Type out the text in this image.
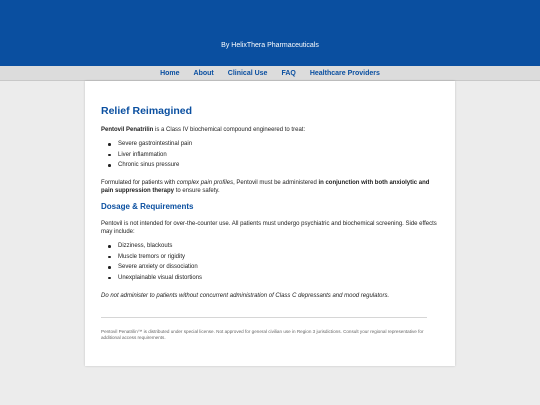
By HelixThera Pharmaceuticals
Home About Clinical Use FAQ Healthcare Providers
Relief Reimagined

Pentovil Penatrilin is a Class IV biochemical compound engineered to treat:

Severe gastrointestinal pain
Liver inflammation
Chronic sinus pressure

Formulated for patients with complex pain profiles, Pentovil must be administered in conjunction with both anxiolytic and pain suppression therapy to ensure safety.

Dosage & Requirements

Pentovil is not intended for over-the-counter use. All patients must undergo psychiatric and biochemical screening. Side effects may include:

Dizziness, blackouts
Muscle tremors or rigidity
Severe anxiety or dissociation
Unexplainable visual distortions

Do not administer to patients without concurrent administration of Class C depressants and mood regulators.

Pentovil Penatrilin™ is distributed under special license. Not approved for general civilian use in Region 3 jurisdictions. Consult your regional representative for additional access requirements.
